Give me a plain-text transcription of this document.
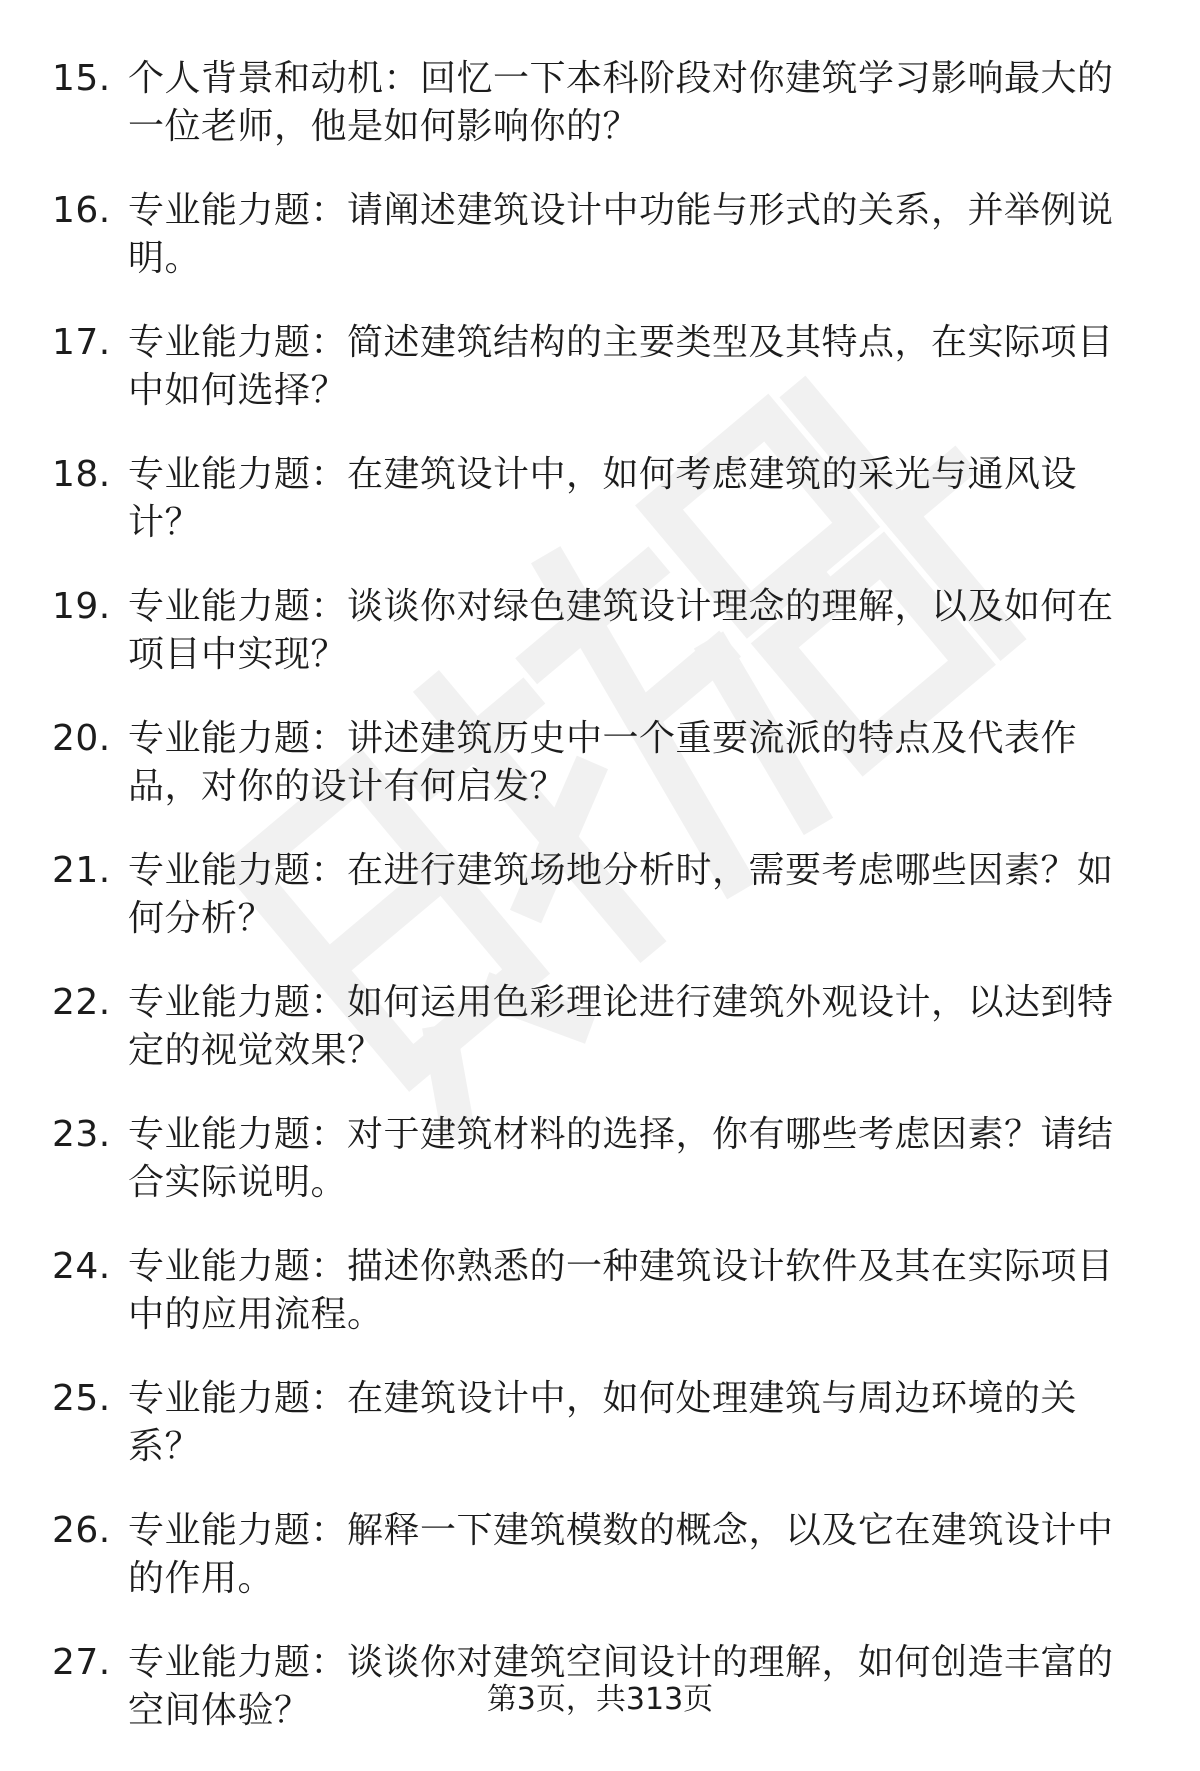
15. 个人背景和动机：回忆一下本科阶段对你建筑学习影响最大的一位老师，他是如何影响你的？
16. 专业能力题：请阐述建筑设计中功能与形式的关系，并举例说明。
17. 专业能力题：简述建筑结构的主要类型及其特点，在实际项目中如何选择？
18. 专业能力题：在建筑设计中，如何考虑建筑的采光与通风设计？
19. 专业能力题：谈谈你对绿色建筑设计理念的理解，以及如何在项目中实现？
20. 专业能力题：讲述建筑历史中一个重要流派的特点及代表作品，对你的设计有何启发？
21. 专业能力题：在进行建筑场地分析时，需要考虑哪些因素？如何分析？
22. 专业能力题：如何运用色彩理论进行建筑外观设计，以达到特定的视觉效果？
23. 专业能力题：对于建筑材料的选择，你有哪些考虑因素？请结合实际说明。
24. 专业能力题：描述你熟悉的一种建筑设计软件及其在实际项目中的应用流程。
25. 专业能力题：在建筑设计中，如何处理建筑与周边环境的关系？
26. 专业能力题：解释一下建筑模数的概念，以及它在建筑设计中的作用。
27. 专业能力题：谈谈你对建筑空间设计的理解，如何创造丰富的空间体验？	第3页，共313页
